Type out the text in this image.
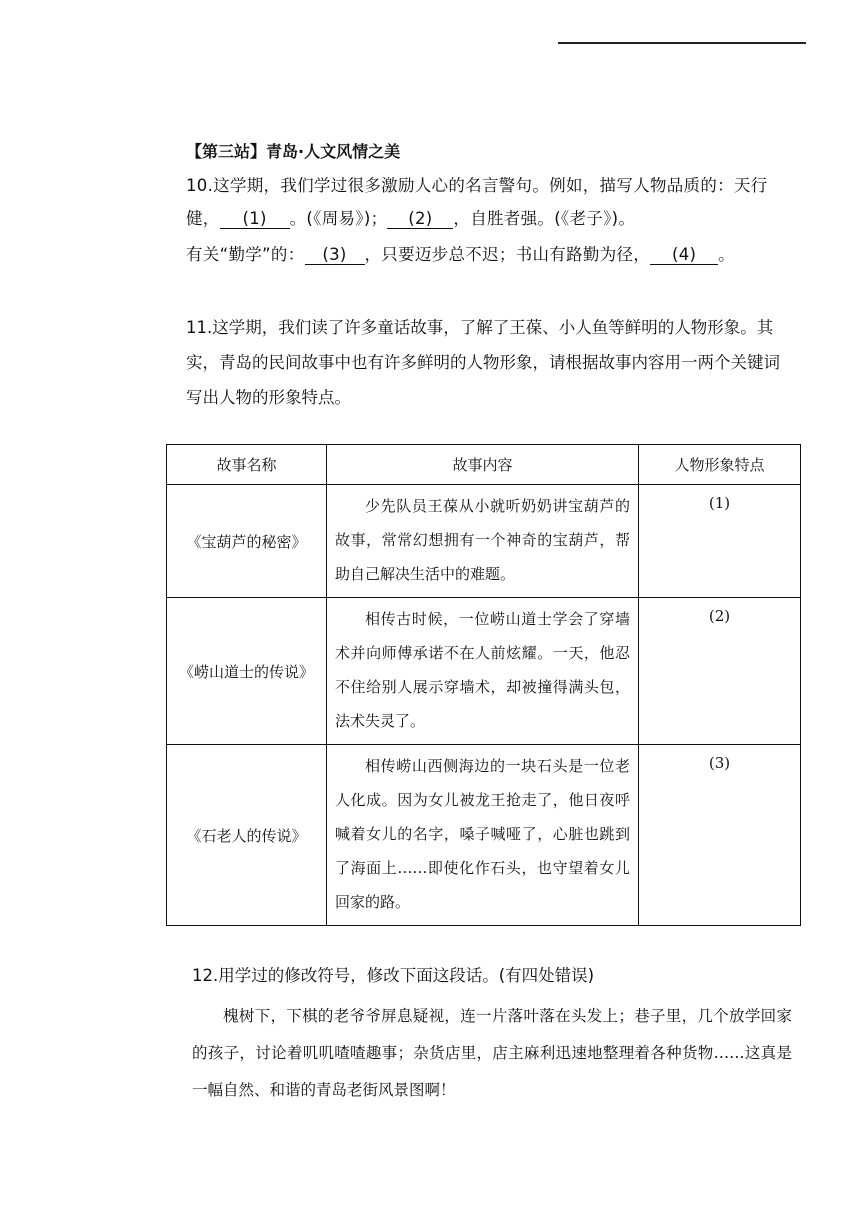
【第三站】青岛·人文风情之美
10.这学期，我们学过很多激励人心的名言警句。例如，描写人物品质的：天行
健， (1) 。(《周易》)； (2) ，自胜者强。(《老子》)。
有关“勤学”的： (3) ，只要迈步总不迟；书山有路勤为径， (4) 。
11.这学期，我们读了许多童话故事，了解了王葆、小人鱼等鲜明的人物形象。其实，青岛的民间故事中也有许多鲜明的人物形象，请根据故事内容用一两个关键词写出人物的形象特点。
故事名称	故事内容	人物形象特点
《宝葫芦的秘密》	少先队员王葆从小就听奶奶讲宝葫芦的故事，常常幻想拥有一个神奇的宝葫芦，帮助自己解决生活中的难题。	(1)
《崂山道士的传说》	相传古时候，一位崂山道士学会了穿墙术并向师傅承诺不在人前炫耀。一天，他忍不住给别人展示穿墙术，却被撞得满头包，法术失灵了。	(2)
《石老人的传说》	相传崂山西侧海边的一块石头是一位老人化成。因为女儿被龙王抢走了，他日夜呼喊着女儿的名字，嗓子喊哑了，心脏也跳到了海面上……即使化作石头，也守望着女儿回家的路。	(3)
12.用学过的修改符号，修改下面这段话。(有四处错误)
槐树下，下棋的老爷爷屏息疑视，连一片落叶落在头发上；巷子里，几个放学回家的孩子，讨论着叽叽喳喳趣事；杂货店里，店主麻利迅速地整理着各种货物……这真是一幅自然、和谐的青岛老街风景图啊！
